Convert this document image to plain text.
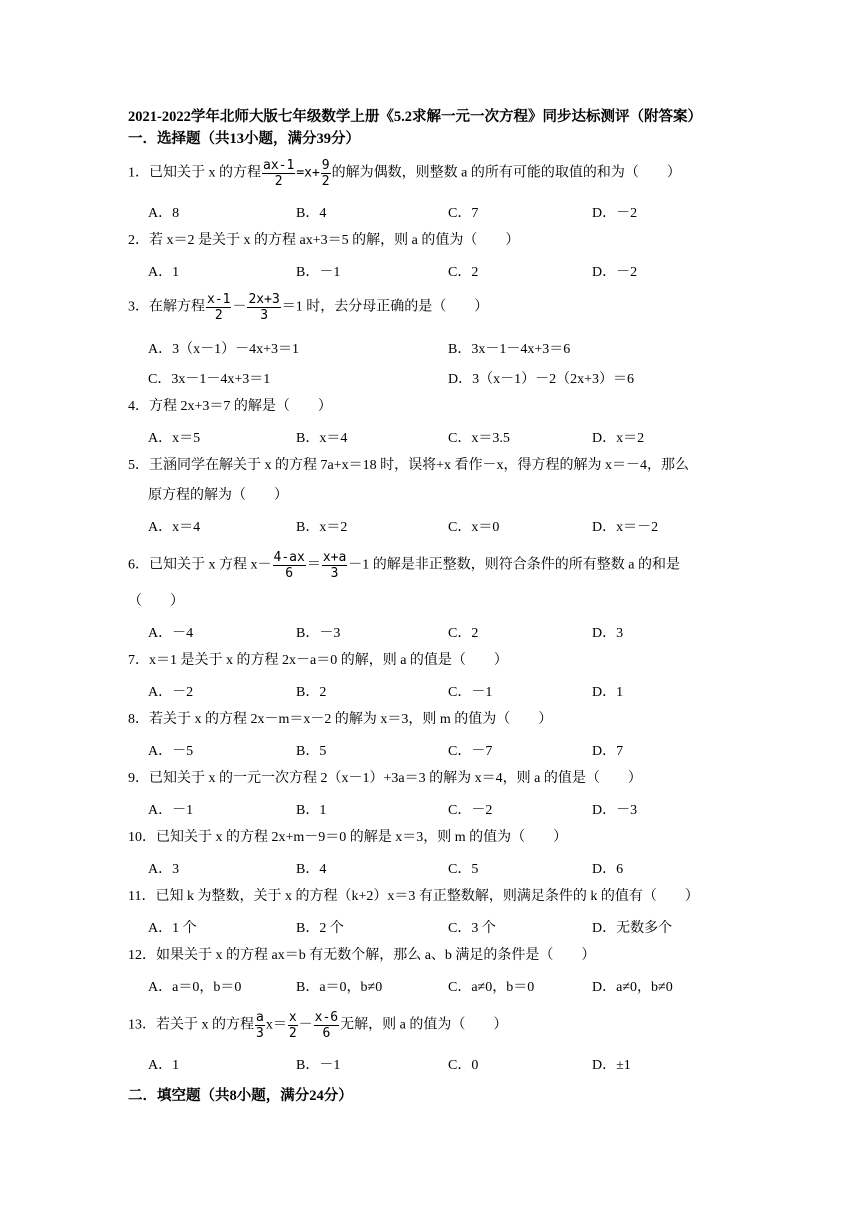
2021-2022学年北师大版七年级数学上册《5.2求解一元一次方程》同步达标测评（附答案）
一．选择题（共13小题，满分39分）
1．已知关于 x 的方程 $\frac{ax-1}{2} =x+ \frac{9}{2}$ 的解为偶数，则整数 a 的所有可能的取值的和为（　　）
A．8	B．4	C．7	D．－2
2．若 x＝2 是关于 x 的方程 ax+3＝5 的解，则 a 的值为（　　）
A．1	B．－1	C．2	D．－2
3．在解方程 $\frac{x-1}{2} - \frac{2x+3}{3} =1$ 时，去分母正确的是（　　）
A．3（x－1）－4x+3＝1	B．3x－1－4x+3＝6
C．3x－1－4x+3＝1	D．3（x－1）－2（2x+3）＝6
4．方程 2x+3＝7 的解是（　　）
A．x＝5	B．x＝4	C．x＝3.5	D．x＝2
5．王涵同学在解关于 x 的方程 7a+x＝18 时，误将+x 看作－x，得方程的解为 x＝－4，那么
原方程的解为（　　）
A．x＝4	B．x＝2	C．x＝0	D．x＝－2
6．已知关于 x 方程 $x- \frac{4-ax}{6} = \frac{x+a}{3} -1$ 的解是非正整数，则符合条件的所有整数 a 的和是
（　　）
A．－4	B．－3	C．2	D．3
7．x＝1 是关于 x 的方程 2x－a＝0 的解，则 a 的值是（　　）
A．－2	B．2	C．－1	D．1
8．若关于 x 的方程 2x－m＝x－2 的解为 x＝3，则 m 的值为（　　）
A．－5	B．5	C．－7	D．7
9．已知关于 x 的一元一次方程 2（x－1）+3a＝3 的解为 x＝4，则 a 的值是（　　）
A．－1	B．1	C．－2	D．－3
10．已知关于 x 的方程 2x+m－9＝0 的解是 x＝3，则 m 的值为（　　）
A．3	B．4	C．5	D．6
11．已知 k 为整数，关于 x 的方程（k+2）x＝3 有正整数解，则满足条件的 k 的值有（　　）
A．1 个	B．2 个	C．3 个	D．无数多个
12．如果关于 x 的方程 ax＝b 有无数个解，那么 a、b 满足的条件是（　　）
A．a＝0，b＝0	B．a＝0，b≠0	C．a≠0，b＝0	D．a≠0，b≠0
13．若关于 x 的方程 $\frac{a}{3} x= \frac{x}{2} - \frac{x-6}{6}$ 无解，则 a 的值为（　　）
A．1	B．－1	C．0	D．±1
二．填空题（共8小题，满分24分）
